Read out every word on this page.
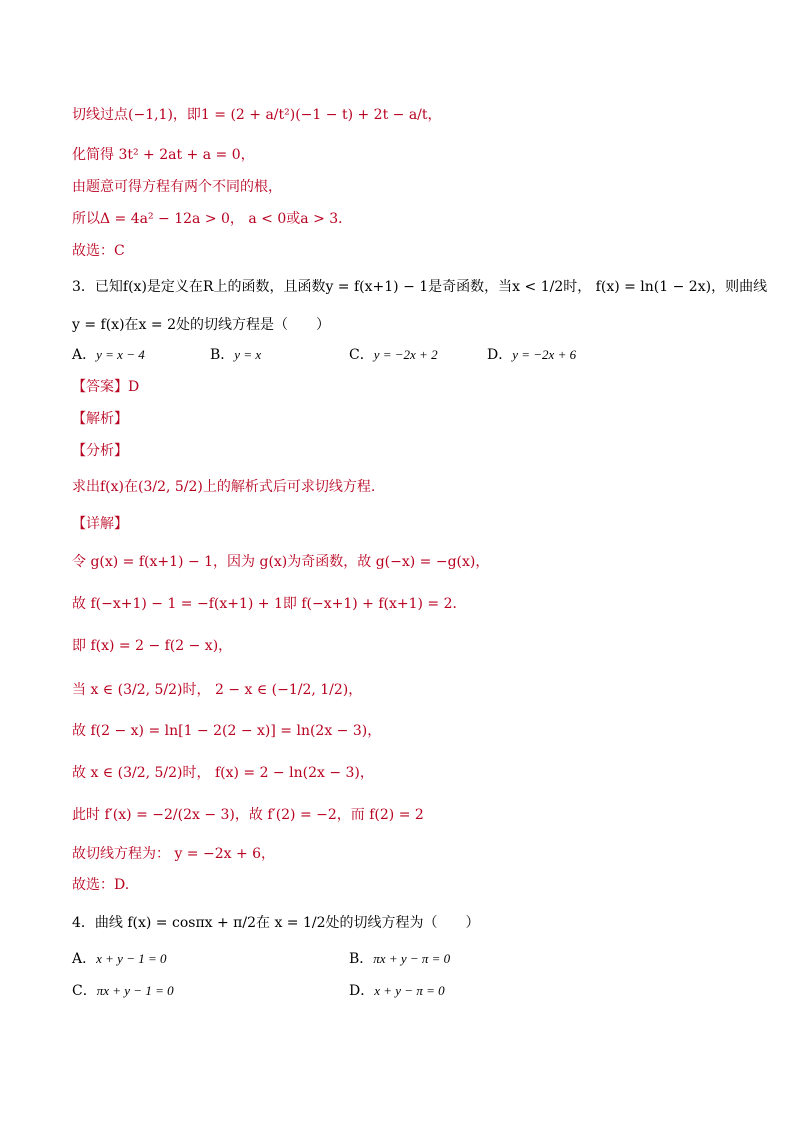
切线过点(−1,1)，即1 = (2 + a/t²)(−1 − t) + 2t − a/t，
化简得 3t² + 2at + a = 0，
由题意可得方程有两个不同的根，
所以Δ = 4a² − 12a > 0， a < 0或a > 3．
故选：C
3．已知f(x)是定义在R上的函数，且函数y = f(x+1) − 1是奇函数，当x < 1/2时， f(x) = ln(1 − 2x)，则曲线
y = f(x)在x = 2处的切线方程是（　　）
A．y = x − 4	B．y = x	C．y = −2x + 2	D．y = −2x + 6
【答案】D
【解析】
【分析】
求出f(x)在(3/2, 5/2)上的解析式后可求切线方程.
【详解】
令 g(x) = f(x+1) − 1，因为 g(x)为奇函数，故 g(−x) = −g(x)，
故 f(−x+1) − 1 = −f(x+1) + 1即 f(−x+1) + f(x+1) = 2．
即 f(x) = 2 − f(2 − x)，
当 x ∈ (3/2, 5/2)时， 2 − x ∈ (−1/2, 1/2)，
故 f(2 − x) = ln[1 − 2(2 − x)] = ln(2x − 3)，
故 x ∈ (3/2, 5/2)时， f(x) = 2 − ln(2x − 3)，
此时 f′(x) = −2/(2x − 3)，故 f′(2) = −2，而 f(2) = 2
故切线方程为： y = −2x + 6，
故选：D.
4．曲线 f(x) = cosπx + π/2在 x = 1/2处的切线方程为（　　）
A．x + y − 1 = 0	B．πx + y − π = 0
C．πx + y − 1 = 0	D．x + y − π = 0
